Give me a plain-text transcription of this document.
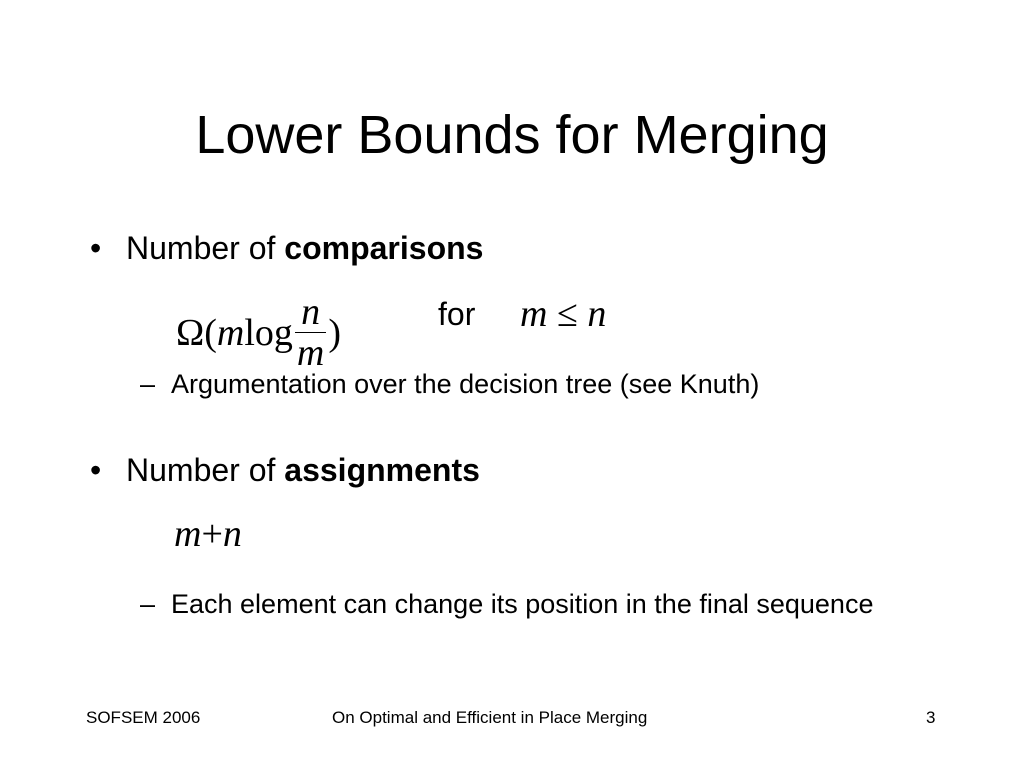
Lower Bounds for Merging
• Number of comparisons
$\Omega(mlog \frac{n}{m}$ )	for m ≤ n
– Argumentation over the decision tree (see Knuth)
• Number of assignments
m+n
– Each element can change its position in the final sequence
SOFSEM 2006	On Optimal and Efficient in Place Merging	3
